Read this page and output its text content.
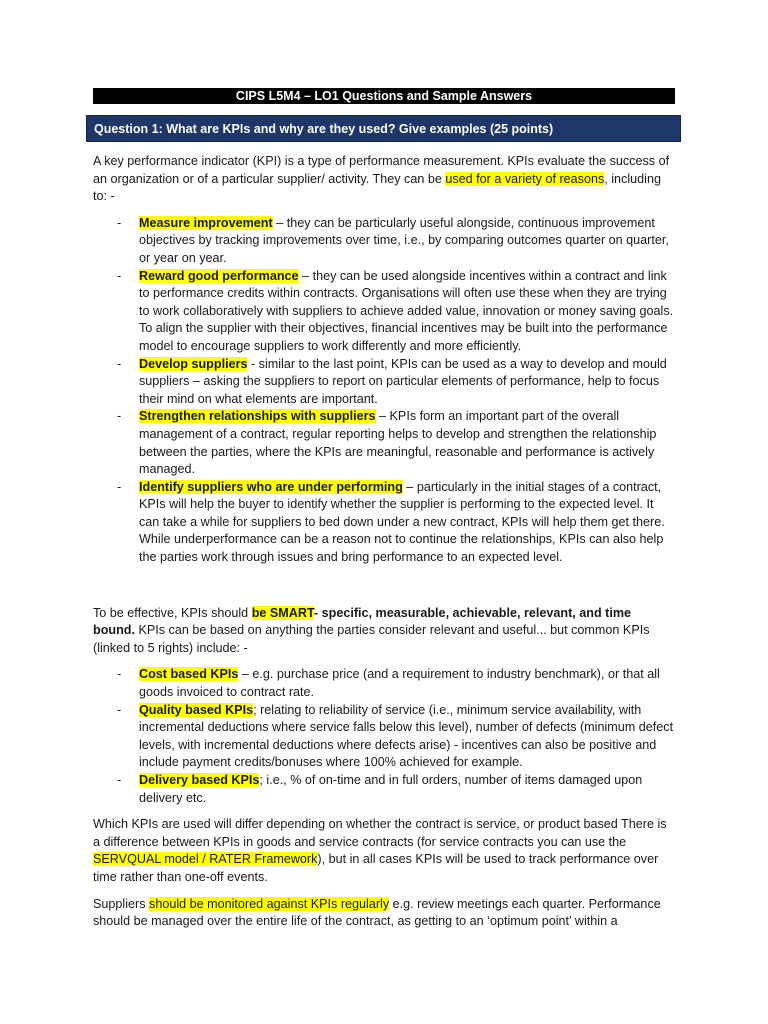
CIPS L5M4 – LO1 Questions and Sample Answers
Question 1: What are KPIs and why are they used? Give examples (25 points)

A key performance indicator (KPI) is a type of performance measurement. KPIs evaluate the success of an organization or of a particular supplier/ activity. They can be used for a variety of reasons, including to: -

- Measure improvement – they can be particularly useful alongside, continuous improvement objectives by tracking improvements over time, i.e., by comparing outcomes quarter on quarter, or year on year.
- Reward good performance – they can be used alongside incentives within a contract and link to performance credits within contracts. Organisations will often use these when they are trying to work collaboratively with suppliers to achieve added value, innovation or money saving goals. To align the supplier with their objectives, financial incentives may be built into the performance model to encourage suppliers to work differently and more efficiently.
- Develop suppliers - similar to the last point, KPIs can be used as a way to develop and mould suppliers – asking the suppliers to report on particular elements of performance, help to focus their mind on what elements are important.
- Strengthen relationships with suppliers – KPIs form an important part of the overall management of a contract, regular reporting helps to develop and strengthen the relationship between the parties, where the KPIs are meaningful, reasonable and performance is actively managed.
- Identify suppliers who are under performing – particularly in the initial stages of a contract, KPIs will help the buyer to identify whether the supplier is performing to the expected level. It can take a while for suppliers to bed down under a new contract, KPIs will help them get there. While underperformance can be a reason not to continue the relationships, KPIs can also help the parties work through issues and bring performance to an expected level.

To be effective, KPIs should be SMART- specific, measurable, achievable, relevant, and time bound. KPIs can be based on anything the parties consider relevant and useful... but common KPIs (linked to 5 rights) include: -

- Cost based KPIs – e.g. purchase price (and a requirement to industry benchmark), or that all goods invoiced to contract rate.
- Quality based KPIs; relating to reliability of service (i.e., minimum service availability, with incremental deductions where service falls below this level), number of defects (minimum defect levels, with incremental deductions where defects arise) - incentives can also be positive and include payment credits/bonuses where 100% achieved for example.
- Delivery based KPIs; i.e., % of on-time and in full orders, number of items damaged upon delivery etc.

Which KPIs are used will differ depending on whether the contract is service, or product based There is a difference between KPIs in goods and service contracts (for service contracts you can use the SERVQUAL model / RATER Framework), but in all cases KPIs will be used to track performance over time rather than one-off events.

Suppliers should be monitored against KPIs regularly e.g. review meetings each quarter. Performance should be managed over the entire life of the contract, as getting to an ‘optimum point’ within a
